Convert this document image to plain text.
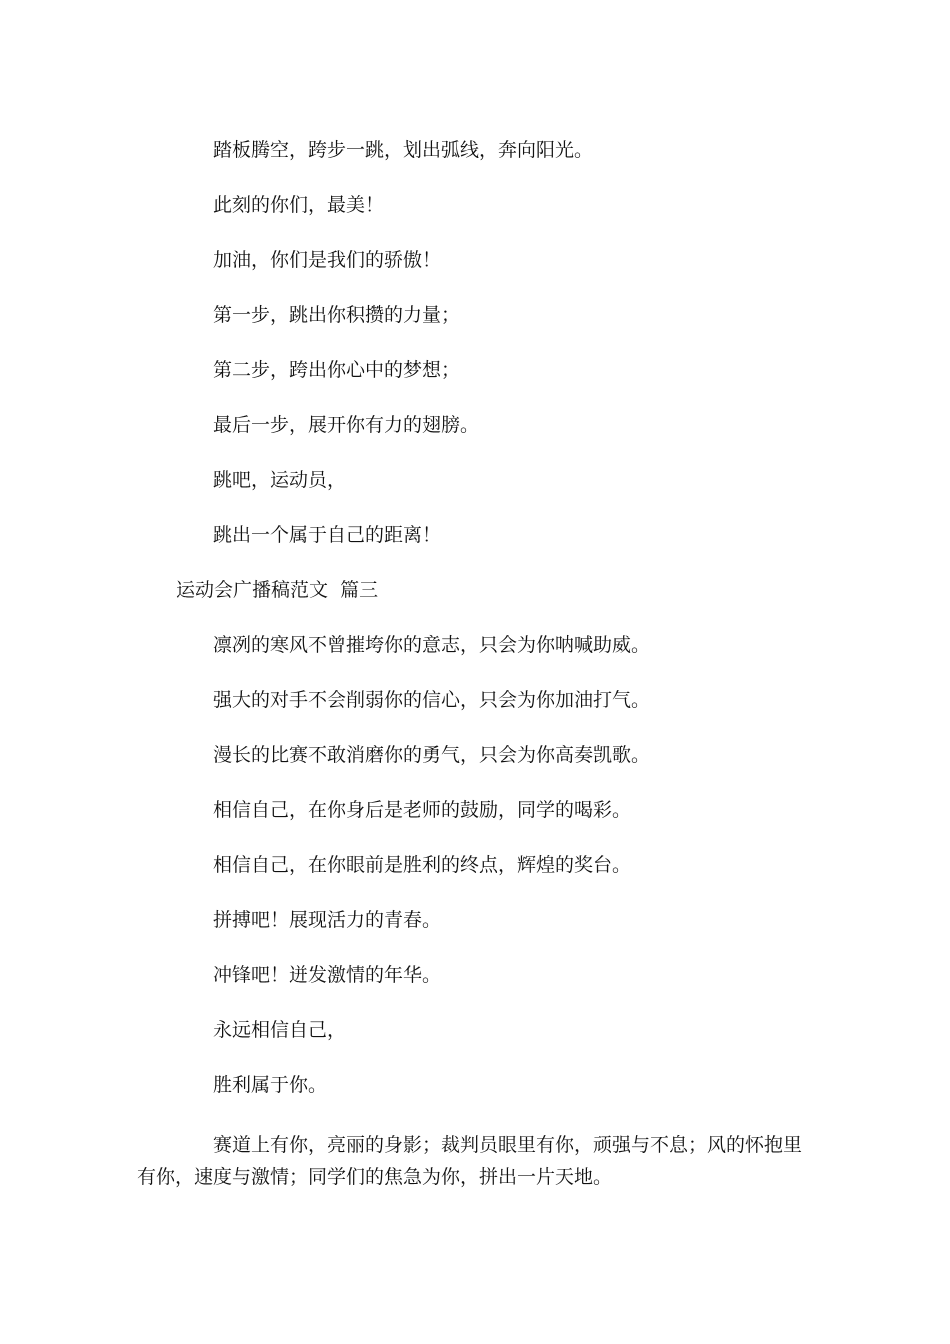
踏板腾空，跨步一跳，划出弧线，奔向阳光。
此刻的你们，最美！
加油，你们是我们的骄傲！
第一步，跳出你积攒的力量；
第二步，跨出你心中的梦想；
最后一步，展开你有力的翅膀。
跳吧，运动员，
跳出一个属于自己的距离！
运动会广播稿范文  篇三
凛冽的寒风不曾摧垮你的意志，只会为你呐喊助威。
强大的对手不会削弱你的信心，只会为你加油打气。
漫长的比赛不敢消磨你的勇气，只会为你高奏凯歌。
相信自己，在你身后是老师的鼓励，同学的喝彩。
相信自己，在你眼前是胜利的终点，辉煌的奖台。
拼搏吧！展现活力的青春。
冲锋吧！迸发激情的年华。
永远相信自己，
胜利属于你。
赛道上有你，亮丽的身影；裁判员眼里有你，顽强与不息；风的怀抱里有你，速度与激情；同学们的焦急为你，拼出一片天地。
